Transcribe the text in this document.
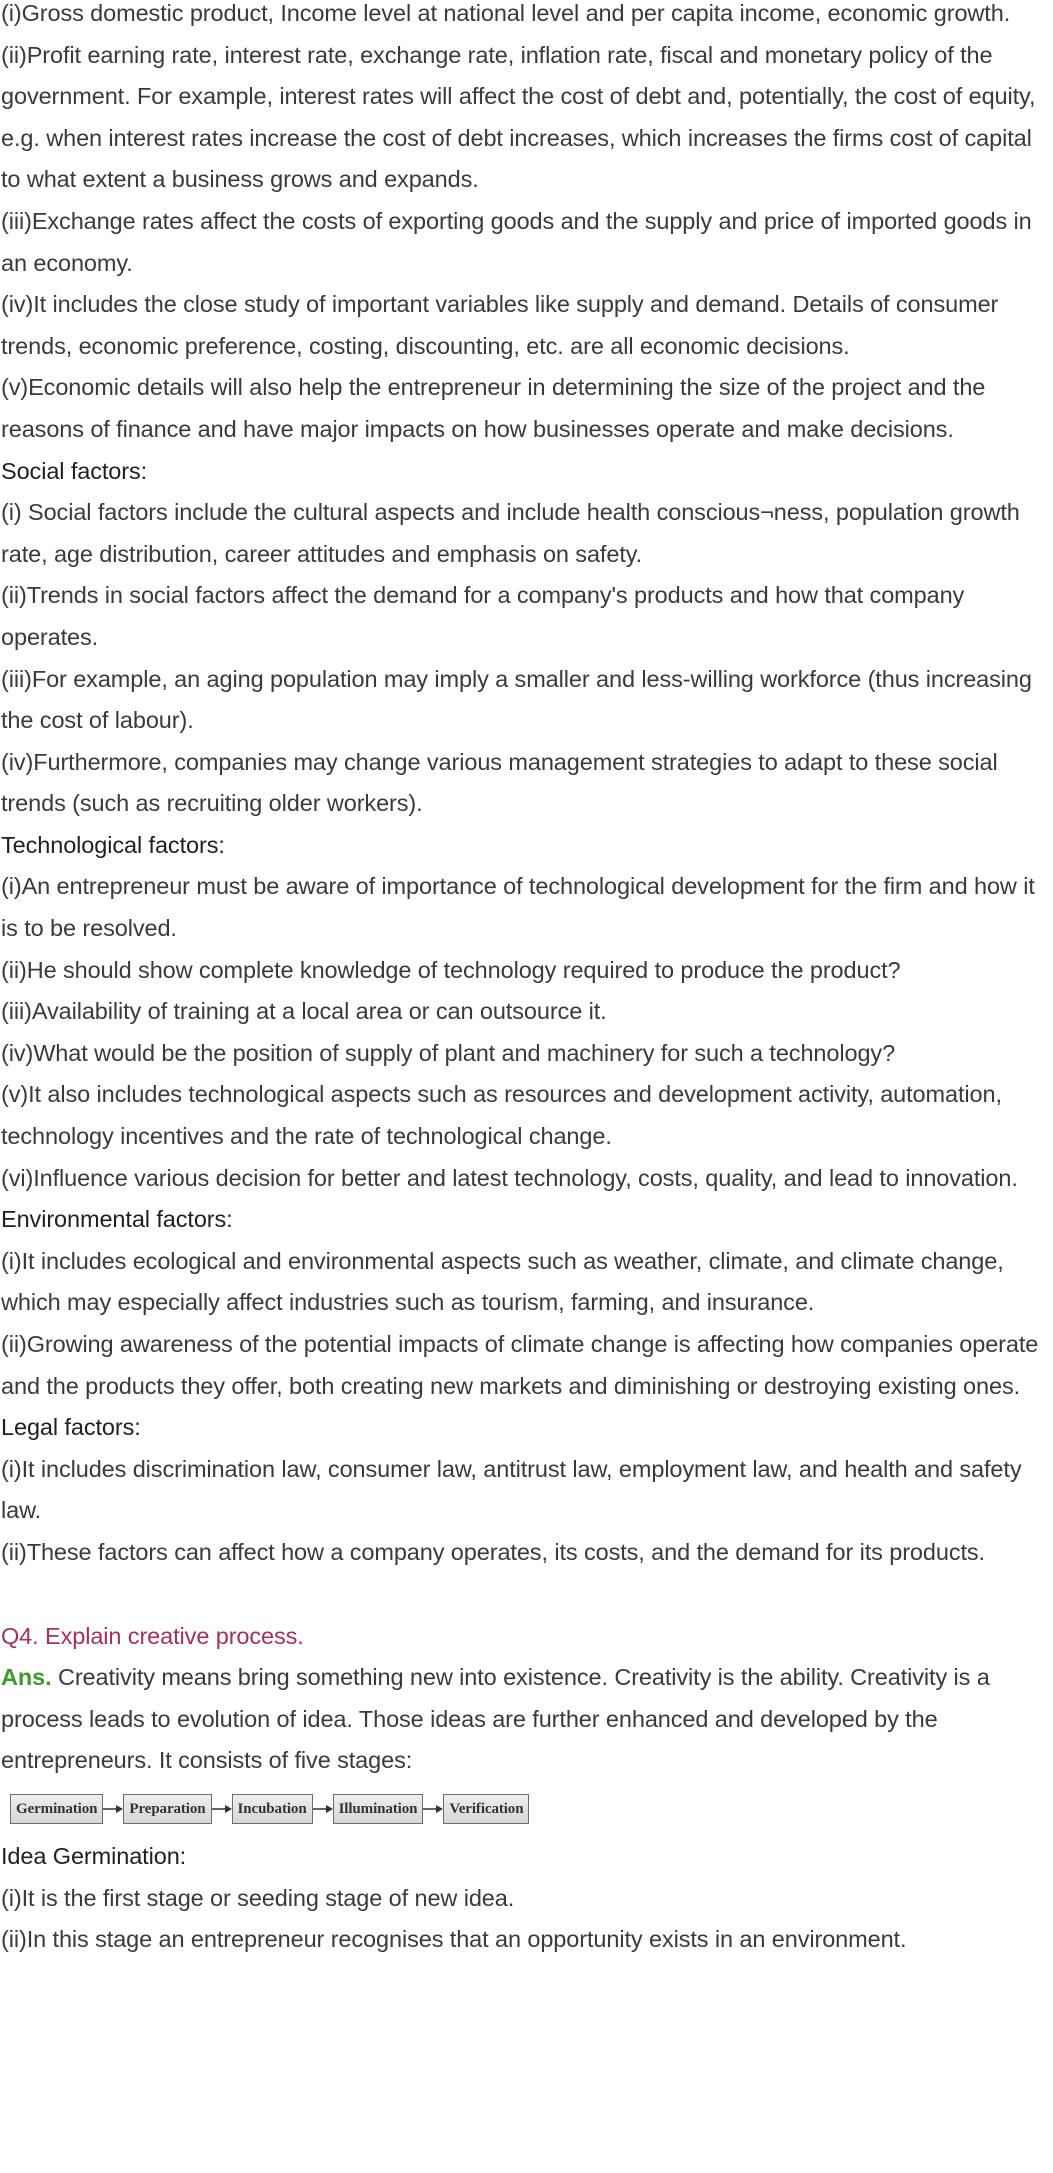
(i)Gross domestic product, Income level at national level and per capita income, economic growth.

(ii)Profit earning rate, interest rate, exchange rate, inflation rate, fiscal and monetary policy of the government. For example, interest rates will affect the cost of debt and, potentially, the cost of equity, e.g. when interest rates increase the cost of debt increases, which increases the firms cost of capital to what extent a business grows and expands.

(iii)Exchange rates affect the costs of exporting goods and the supply and price of imported goods in an economy.

(iv)It includes the close study of important variables like supply and demand. Details of consumer trends, economic preference, costing, discounting, etc. are all economic decisions.

(v)Economic details will also help the entrepreneur in determining the size of the project and the reasons of finance and have major impacts on how businesses operate and make decisions.

Social factors:

(i) Social factors include the cultural aspects and include health conscious¬ness, population growth rate, age distribution, career attitudes and emphasis on safety.

(ii)Trends in social factors affect the demand for a company's products and how that company operates.

(iii)For example, an aging population may imply a smaller and less-willing workforce (thus increasing the cost of labour).

(iv)Furthermore, companies may change various management strategies to adapt to these social trends (such as recruiting older workers).

Technological factors:

(i)An entrepreneur must be aware of importance of technological development for the firm and how it is to be resolved.

(ii)He should show complete knowledge of technology required to produce the product?

(iii)Availability of training at a local area or can outsource it.

(iv)What would be the position of supply of plant and machinery for such a technology?

(v)It also includes technological aspects such as resources and development activity, automation, technology incentives and the rate of technological change.

(vi)Influence various decision for better and latest technology, costs, quality, and lead to innovation.

Environmental factors:

(i)It includes ecological and environmental aspects such as weather, climate, and climate change, which may especially affect industries such as tourism, farming, and insurance.

(ii)Growing awareness of the potential impacts of climate change is affecting how companies operate and the products they offer, both creating new markets and diminishing or destroying existing ones.

Legal factors:

(i)It includes discrimination law, consumer law, antitrust law, employment law, and health and safety law.

(ii)These factors can affect how a company operates, its costs, and the demand for its products.

Q4. Explain creative process.

Ans. Creativity means bring something new into existence. Creativity is the ability. Creativity is a process leads to evolution of idea. Those ideas are further enhanced and developed by the entrepreneurs. It consists of five stages:

Germination	Preparation	Incubation	Illumination	Verification

Idea Germination:

(i)It is the first stage or seeding stage of new idea.

(ii)In this stage an entrepreneur recognises that an opportunity exists in an environment.
